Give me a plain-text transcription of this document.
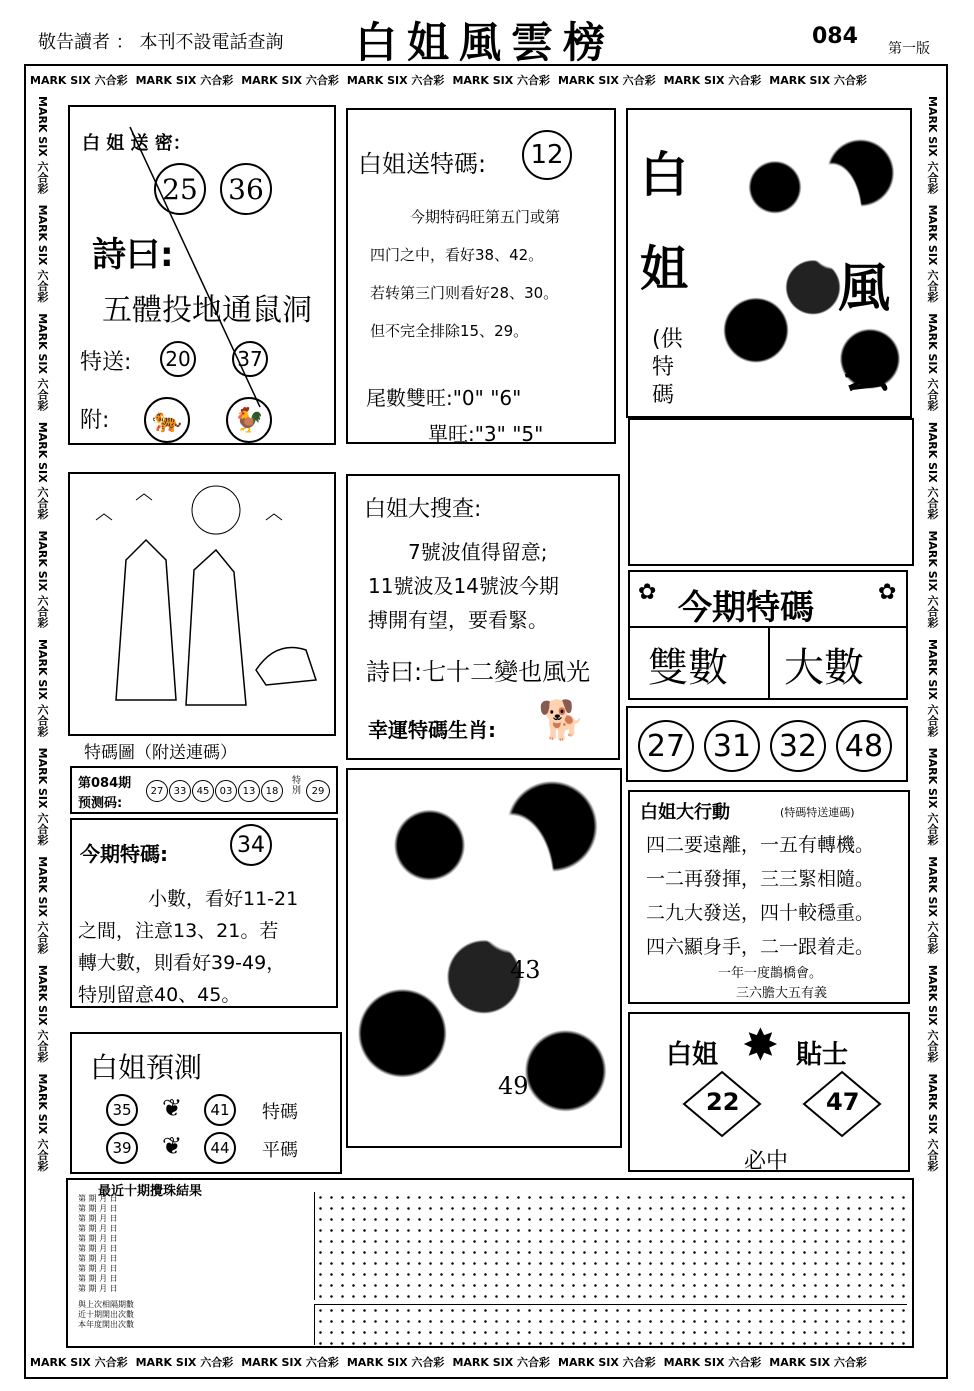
敬告讀者 ： 本刊不設電話查詢 白姐風雲榜	084 第一版
MARK SIX 六合彩 MARK SIX 六合彩 MARK SIX 六合彩 MARK SIX 六合彩 MARK SIX 六合彩 MARK SIX 六合彩 MARK SIX 六合彩 MARK SIX 六合彩
MARK SIX 六合彩 MARK SIX 六合彩 MARK SIX 六合彩 MARK SIX 六合彩 MARK SIX 六合彩 MARK SIX 六合彩 MARK SIX 六合彩 MARK SIX 六合彩
MARK SIX 六合彩　MARK SIX 六合彩　MARK SIX 六合彩　MARK SIX 六合彩　MARK SIX 六合彩　MARK SIX 六合彩　MARK SIX 六合彩　MARK SIX 六合彩　MARK SIX 六合彩　MARK SIX 六合彩
MARK SIX 六合彩　MARK SIX 六合彩　MARK SIX 六合彩　MARK SIX 六合彩　MARK SIX 六合彩　MARK SIX 六合彩　MARK SIX 六合彩　MARK SIX 六合彩　MARK SIX 六合彩　MARK SIX 六合彩
白 姐 送 密：
25 36
詩曰:
五體投地通鼠洞
特送: 20 37
附:	🐅	🐓
白姐送特碼:	12
今期特码旺第五门或第
四门之中，看好38、42。
若转第三门则看好28、30。
但不完全排除15、29。
尾數雙旺:"0" "6"
單旺:"3" "5"
白
姐	風
雲
(供特碼
特碼圖（附送連碼）
白姐大搜查:
7號波值得留意;
11號波及14號波今期
搏開有望，要看緊。
詩曰:七十二變也風光
幸運特碼生肖: 🐕
✿	✿
今期特碼
雙數 大數
27 31 32 48
第084期
预测码:
27	33	45	03	13	18
特別	29
今期特碼:	34
小數，看好11-21
之間，注意13、21。若
轉大數，則看好39-49，
特別留意40、45。
43
49
白姐大行動	(特碼特送連碼)
四二要遠離，一五有轉機。
一二再發揮，三三緊相隨。
二九大發送，四十較穩重。
四六顯身手，二一跟着走。
一年一度鵲橋會。
三六膽大五有義
白姐預測
35 ❦	41	特碼
39 ❦	44	平碼
白姐 ✸ 貼士
22	47
必中
最近十期攪珠結果
第 期 月 日
第 期 月 日
第 期 月 日
第 期 月 日
第 期 月 日
第 期 月 日
第 期 月 日
第 期 月 日
第 期 月 日
第 期 月 日
與上次相隔期數
近十期開出次數
本年度開出次數
